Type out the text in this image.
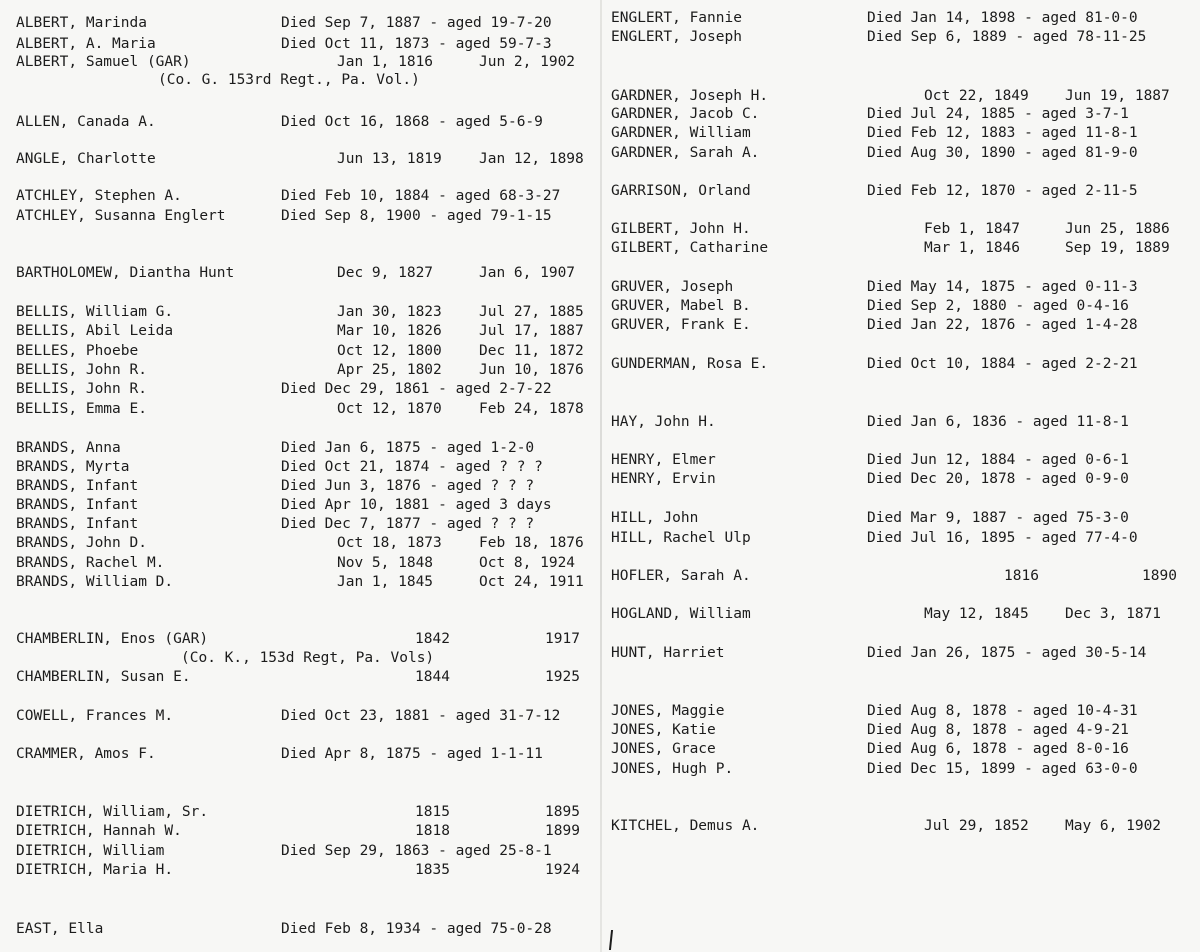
ALBERT, Marinda	Died Sep 7, 1887 - aged 19-7-20
ALBERT, A. Maria	Died Oct 11, 1873 - aged 59-7-3
ALBERT, Samuel (GAR)	Jan 1, 1816	Jun 2, 1902
(Co. G. 153rd Regt., Pa. Vol.)
ALLEN, Canada A.	Died Oct 16, 1868 - aged 5-6-9
ANGLE, Charlotte	Jun 13, 1819	Jan 12, 1898
ATCHLEY, Stephen A.	Died Feb 10, 1884 - aged 68-3-27
ATCHLEY, Susanna Englert	Died Sep 8, 1900 - aged 79-1-15
BARTHOLOMEW, Diantha Hunt	Dec 9, 1827	Jan 6, 1907
BELLIS, William G.	Jan 30, 1823	Jul 27, 1885
BELLIS, Abil Leida	Mar 10, 1826	Jul 17, 1887
BELLES, Phoebe	Oct 12, 1800	Dec 11, 1872
BELLIS, John R.	Apr 25, 1802	Jun 10, 1876
BELLIS, John R.	Died Dec 29, 1861 - aged 2-7-22
BELLIS, Emma E.	Oct 12, 1870	Feb 24, 1878
BRANDS, Anna	Died Jan 6, 1875 - aged 1-2-0
BRANDS, Myrta	Died Oct 21, 1874 - aged ? ? ?
BRANDS, Infant	Died Jun 3, 1876 - aged ? ? ?
BRANDS, Infant	Died Apr 10, 1881 - aged 3 days
BRANDS, Infant	Died Dec 7, 1877 - aged ? ? ?
BRANDS, John D.	Oct 18, 1873	Feb 18, 1876
BRANDS, Rachel M.	Nov 5, 1848	Oct 8, 1924
BRANDS, William D.	Jan 1, 1845	Oct 24, 1911
CHAMBERLIN, Enos (GAR)	1842	1917
(Co. K., 153d Regt, Pa. Vols)
CHAMBERLIN, Susan E.	1844	1925
COWELL, Frances M.	Died Oct 23, 1881 - aged 31-7-12
CRAMMER, Amos F.	Died Apr 8, 1875 - aged 1-1-11
DIETRICH, William, Sr.	1815	1895
DIETRICH, Hannah W.	1818	1899
DIETRICH, William	Died Sep 29, 1863 - aged 25-8-1
DIETRICH, Maria H.	1835	1924
EAST, Ella	Died Feb 8, 1934 - aged 75-0-28
ENGLERT, Fannie	Died Jan 14, 1898 - aged 81-0-0
ENGLERT, Joseph	Died Sep 6, 1889 - aged 78-11-25
GARDNER, Joseph H.	Oct 22, 1849 Jun 19, 1887
GARDNER, Jacob C.	Died Jul 24, 1885 - aged 3-7-1
GARDNER, William	Died Feb 12, 1883 - aged 11-8-1
GARDNER, Sarah A.	Died Aug 30, 1890 - aged 81-9-0
GARRISON, Orland	Died Feb 12, 1870 - aged 2-11-5
GILBERT, John H.	Feb 1, 1847	Jun 25, 1886
GILBERT, Catharine	Mar 1, 1846	Sep 19, 1889
GRUVER, Joseph	Died May 14, 1875 - aged 0-11-3
GRUVER, Mabel B.	Died Sep 2, 1880 - aged 0-4-16
GRUVER, Frank E.	Died Jan 22, 1876 - aged 1-4-28
GUNDERMAN, Rosa E.	Died Oct 10, 1884 - aged 2-2-21
HAY, John H.	Died Jan 6, 1836 - aged 11-8-1
HENRY, Elmer	Died Jun 12, 1884 - aged 0-6-1
HENRY, Ervin	Died Dec 20, 1878 - aged 0-9-0
HILL, John	Died Mar 9, 1887 - aged 75-3-0
HILL, Rachel Ulp	Died Jul 16, 1895 - aged 77-4-0
HOFLER, Sarah A.	1816	1890
HOGLAND, William	May 12, 1845 Dec 3, 1871
HUNT, Harriet	Died Jan 26, 1875 - aged 30-5-14
JONES, Maggie	Died Aug 8, 1878 - aged 10-4-31
JONES, Katie	Died Aug 8, 1878 - aged 4-9-21
JONES, Grace	Died Aug 6, 1878 - aged 8-0-16
JONES, Hugh P.	Died Dec 15, 1899 - aged 63-0-0
KITCHEL, Demus A.	Jul 29, 1852 May 6, 1902
